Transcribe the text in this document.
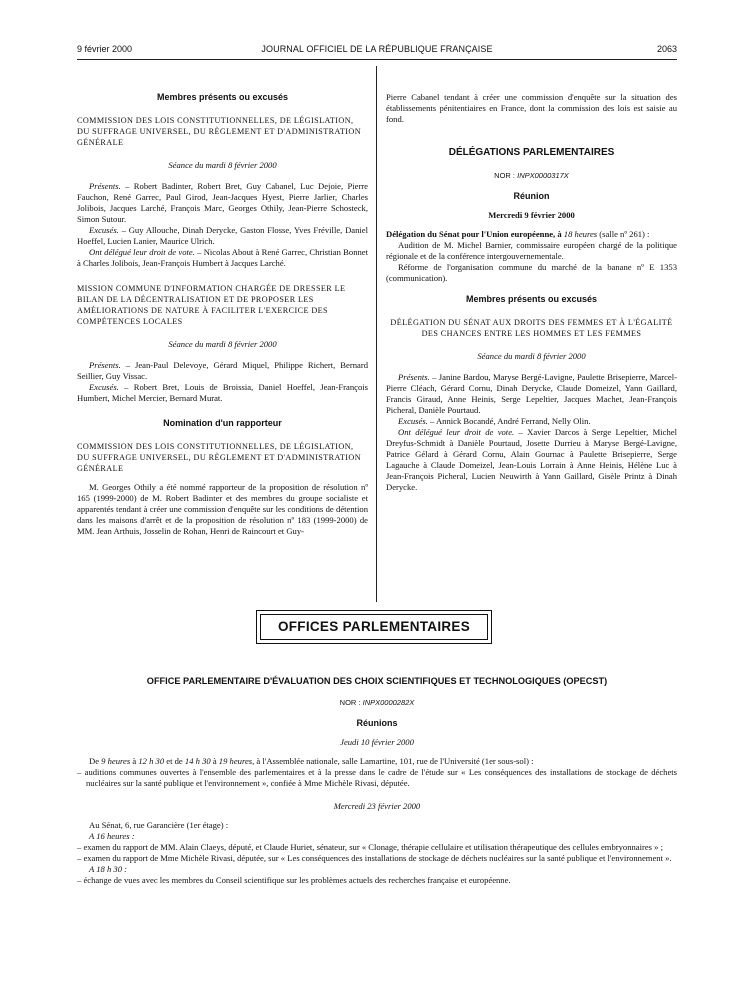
9 février 2000	JOURNAL OFFICIEL DE LA RÉPUBLIQUE FRANÇAISE	2063

Membres présents ou excusés

COMMISSION DES LOIS CONSTITUTIONNELLES, DE LÉGISLATION, DU SUFFRAGE UNIVERSEL, DU RÈGLEMENT ET D'ADMINISTRATION GÉNÉRALE

Séance du mardi 8 février 2000

Présents. – Robert Badinter, Robert Bret, Guy Cabanel, Luc Dejoie, Pierre Fauchon, René Garrec, Paul Girod, Jean-Jacques Hyest, Pierre Jarlier, Charles Jolibois, Jacques Larché, François Marc, Georges Othily, Jean-Pierre Schosteck, Simon Sutour.

Excusés. – Guy Allouche, Dinah Derycke, Gaston Flosse, Yves Fréville, Daniel Hoeffel, Lucien Lanier, Maurice Ulrich.

Ont délégué leur droit de vote. – Nicolas About à René Garrec, Christian Bonnet à Charles Jolibois, Jean-François Humbert à Jacques Larché.

MISSION COMMUNE D'INFORMATION CHARGÉE DE DRESSER LE BILAN DE LA DÉCENTRALISATION ET DE PROPOSER LES AMÉLIORATIONS DE NATURE À FACILITER L'EXERCICE DES COMPÉTENCES LOCALES

Séance du mardi 8 février 2000

Présents. – Jean-Paul Delevoye, Gérard Miquel, Philippe Richert, Bernard Seillier, Guy Vissac.

Excusés. – Robert Bret, Louis de Broissia, Daniel Hoeffel, Jean-François Humbert, Michel Mercier, Bernard Murat.

Nomination d'un rapporteur

COMMISSION DES LOIS CONSTITUTIONNELLES, DE LÉGISLATION, DU SUFFRAGE UNIVERSEL, DU RÈGLEMENT ET D'ADMINISTRATION GÉNÉRALE

M. Georges Othily a été nommé rapporteur de la proposition de résolution nº 165 (1999-2000) de M. Robert Badinter et des membres du groupe socialiste et apparentés tendant à créer une commission d'enquête sur les conditions de détention dans les maisons d'arrêt et de la proposition de résolution nº 183 (1999-2000) de MM. Jean Arthuis, Josselin de Rohan, Henri de Raincourt et Guy-

Pierre Cabanel tendant à créer une commission d'enquête sur la situation des établissements pénitentiaires en France, dont la commission des lois est saisie au fond.

DÉLÉGATIONS PARLEMENTAIRES

NOR : INPX0000317X

Réunion

Mercredi 9 février 2000

Délégation du Sénat pour l'Union européenne, à 18 heures (salle nº 261) :

Audition de M. Michel Barnier, commissaire européen chargé de la politique régionale et de la conférence intergouvernementale.

Réforme de l'organisation commune du marché de la banane nº E 1353 (communication).

Membres présents ou excusés

DÉLÉGATION DU SÉNAT AUX DROITS DES FEMMES ET À L'ÉGALITÉ DES CHANCES ENTRE LES HOMMES ET LES FEMMES

Séance du mardi 8 février 2000

Présents. – Janine Bardou, Maryse Bergé-Lavigne, Paulette Brisepierre, Marcel-Pierre Cléach, Gérard Cornu, Dinah Derycke, Claude Domeizel, Yann Gaillard, Francis Giraud, Anne Heinis, Serge Lepeltier, Jacques Machet, Jean-François Picheral, Danièle Pourtaud.

Excusés. – Annick Bocandé, André Ferrand, Nelly Olin.

Ont délégué leur droit de vote. – Xavier Darcos à Serge Lepeltier, Michel Dreyfus-Schmidt à Danièle Pourtaud, Josette Durrieu à Maryse Bergé-Lavigne, Patrice Gélard à Gérard Cornu, Alain Gournac à Paulette Brisepierre, Serge Lagauche à Claude Domeizel, Jean-Louis Lorrain à Anne Heinis, Hélène Luc à Jean-François Picheral, Lucien Neuwirth à Yann Gaillard, Gisèle Printz à Dinah Derycke.

OFFICES PARLEMENTAIRES

OFFICE PARLEMENTAIRE D'ÉVALUATION DES CHOIX SCIENTIFIQUES ET TECHNOLOGIQUES (OPECST)

NOR : INPX0000282X

Réunions

Jeudi 10 février 2000

De 9 heures à 12 h 30 et de 14 h 30 à 19 heures, à l'Assemblée nationale, salle Lamartine, 101, rue de l'Université (1er sous-sol) :

– auditions communes ouvertes à l'ensemble des parlementaires et à la presse dans le cadre de l'étude sur « Les conséquences des installations de stockage de déchets nucléaires sur la santé publique et l'environnement », confiée à Mme Michèle Rivasi, députée.

Mercredi 23 février 2000

Au Sénat, 6, rue Garancière (1er étage) :

A 16 heures :

– examen du rapport de MM. Alain Claeys, député, et Claude Huriet, sénateur, sur « Clonage, thérapie cellulaire et utilisation thérapeutique des cellules embryonnaires » ;
– examen du rapport de Mme Michèle Rivasi, députée, sur « Les conséquences des installations de stockage de déchets nucléaires sur la santé publique et l'environnement ».

A 18 h 30 :

– échange de vues avec les membres du Conseil scientifique sur les problèmes actuels des recherches française et européenne.
